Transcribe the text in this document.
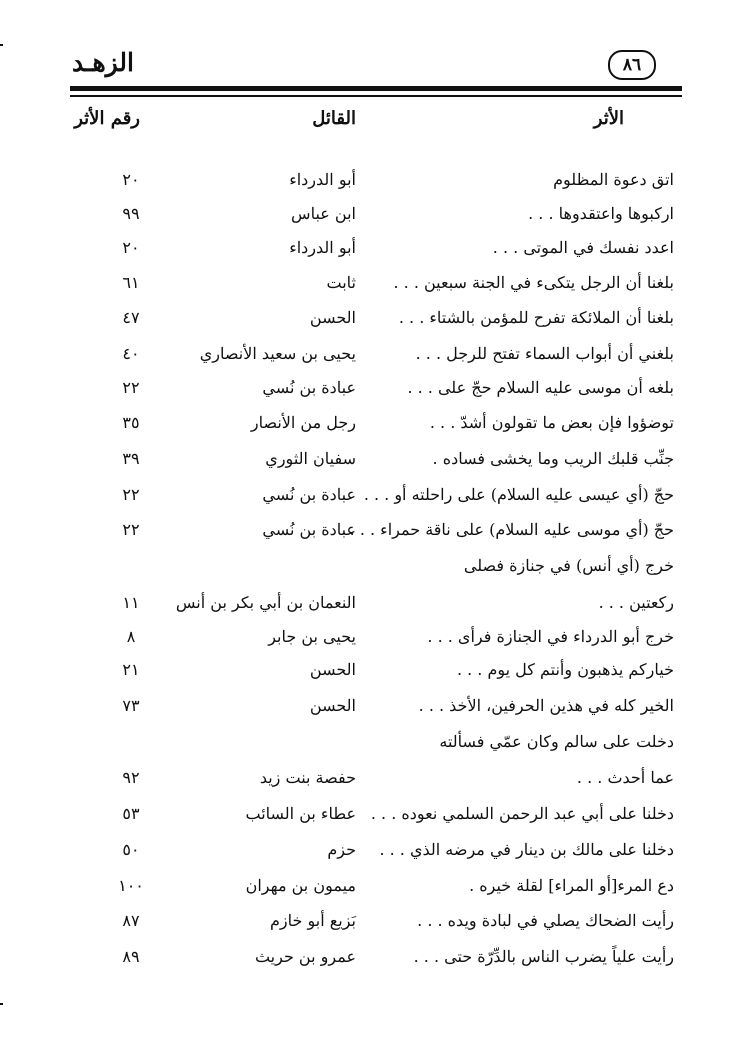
الزهـد	٨٦
الأثر
القائل
رقم الأثر
اتق دعوة المظلوم
أبو الدرداء
٢٠
اركبوها واعتقدوها . . .
ابن عباس
٩٩
اعدد نفسك في الموتى . . .
أبو الدرداء
٢٠
بلغنا أن الرجل يتكىء في الجنة سبعين . . .
ثابت
٦١
بلغنا أن الملائكة تفرح للمؤمن بالشتاء . . .
الحسن
٤٧
بلغني أن أبواب السماء تفتح للرجل . . .
يحيى بن سعيد الأنصاري
٤٠
بلغه أن موسى عليه السلام حجّ على . . .
عبادة بن نُسي
٢٢
توضؤوا فإن بعض ما تقولون أشدّ . . .
رجل من الأنصار
٣٥
جنِّب قلبك الريب وما يخشى فساده .
سفيان الثوري
٣٩
حجّ (أي عيسى عليه السلام) على راحلته أو . . .
عبادة بن نُسي
٢٢
حجّ (أي موسى عليه السلام) على ناقة حمراء . . .
عبادة بن نُسي
٢٢
خرج (أي أنس) في جنازة فصلى
ركعتين . . .
النعمان بن أبي بكر بن أنس
١١
خرج أبو الدرداء في الجنازة فرأى . . .
يحيى بن جابر
٨
خياركم يذهبون وأنتم كل يوم . . .
الحسن
٢١
الخير كله في هذين الحرفين، الأخذ . . .
الحسن
٧٣
دخلت على سالم وكان عمّي فسألته
عما أحدث . . .
حفصة بنت زيد
٩٢
دخلنا على أبي عبد الرحمن السلمي نعوده . . .
عطاء بن السائب
٥٣
دخلنا على مالك بن دينار في مرضه الذي . . .
حزم
٥٠
دع المرء[أو المراء] لقلة خيره .
ميمون بن مهران
١٠٠
رأيت الضحاك يصلي في لبادة ويده . . .
بَزيع أبو خازم
٨٧
رأيت علياً يضرب الناس بالدِّرّة حتى . . .
عمرو بن حريث
٨٩
